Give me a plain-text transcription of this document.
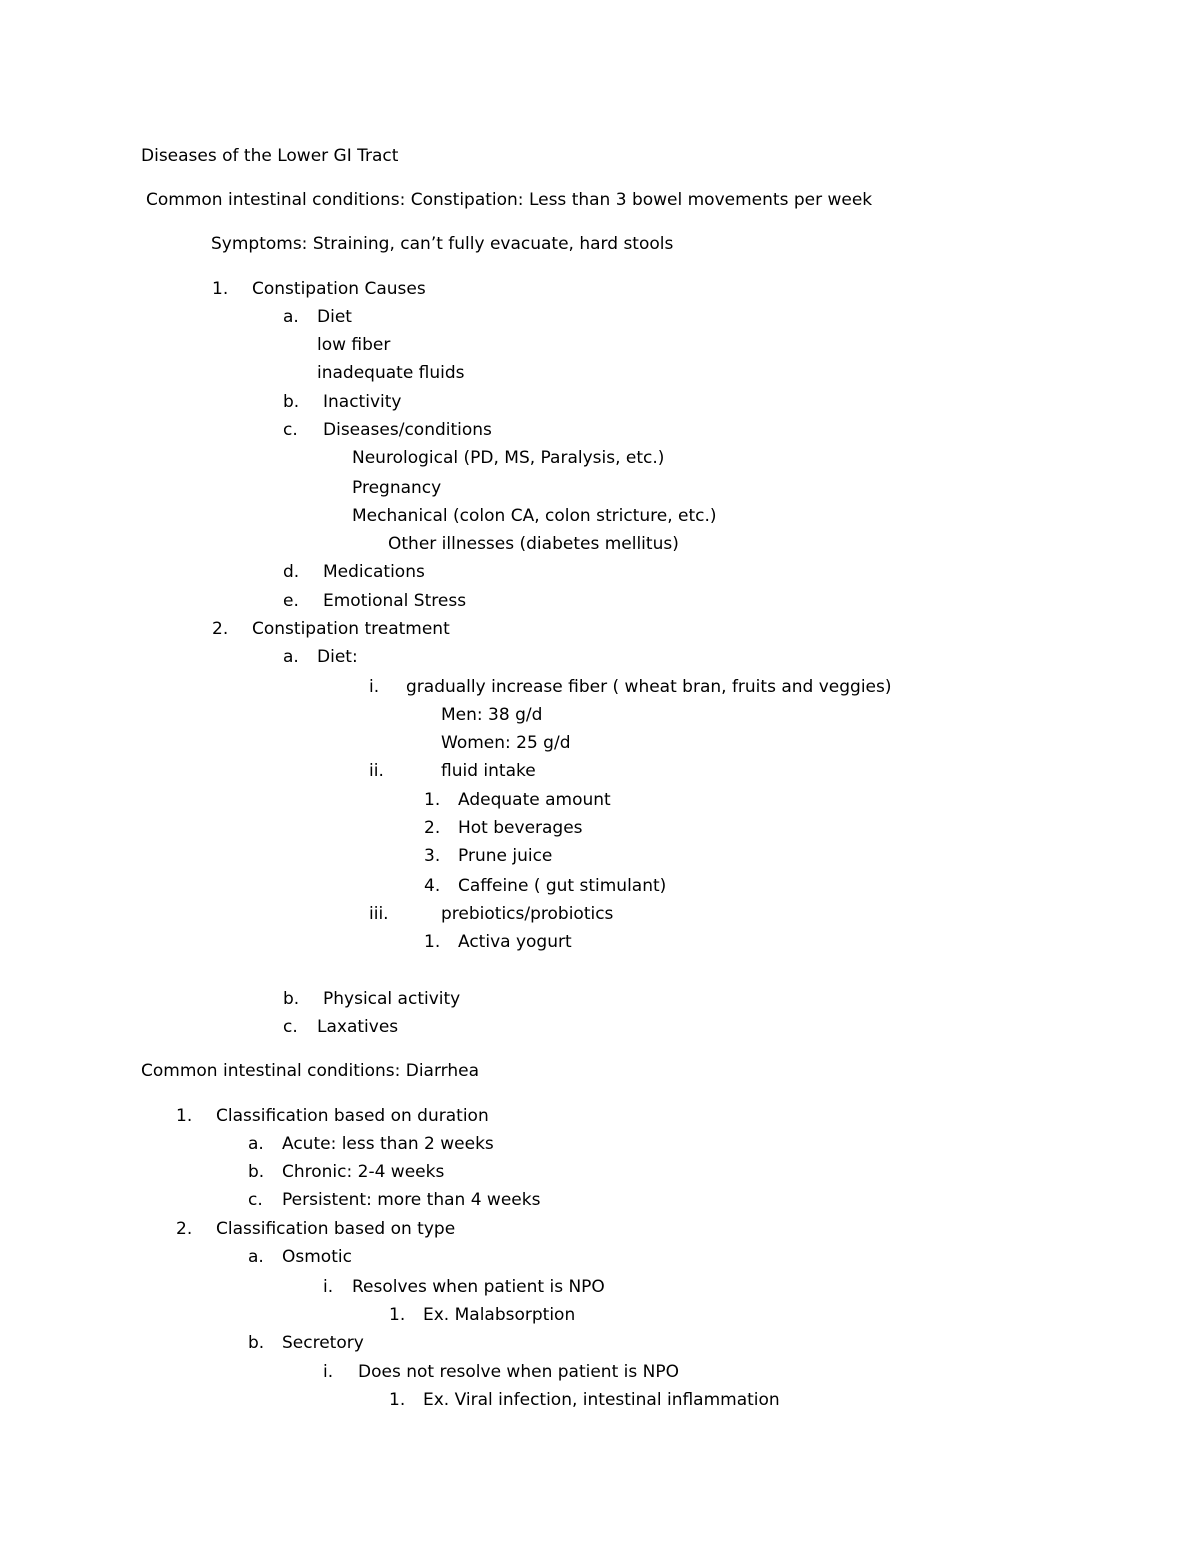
Diseases of the Lower GI Tract
Common intestinal conditions: Constipation: Less than 3 bowel movements per week
Symptoms: Straining, can’t fully evacuate, hard stools
1. Constipation Causes
a. Diet
low fiber
inadequate fluids
b. Inactivity
c. Diseases/conditions
Neurological (PD, MS, Paralysis, etc.)
Pregnancy
Mechanical (colon CA, colon stricture, etc.)
Other illnesses (diabetes mellitus)
d. Medications
e. Emotional Stress
2. Constipation treatment
a. Diet:
i. gradually increase fiber ( wheat bran, fruits and veggies)
Men: 38 g/d
Women: 25 g/d
ii.	fluid intake
1. Adequate amount
2. Hot beverages
3. Prune juice
4. Caffeine ( gut stimulant)
iii.	prebiotics/probiotics
1. Activa yogurt
b. Physical activity
c. Laxatives
Common intestinal conditions: Diarrhea
1. Classification based on duration
a. Acute: less than 2 weeks
b. Chronic: 2-4 weeks
c. Persistent: more than 4 weeks
2. Classification based on type
a. Osmotic
i. Resolves when patient is NPO
1. Ex. Malabsorption
b. Secretory
i. Does not resolve when patient is NPO
1. Ex. Viral infection, intestinal inflammation
